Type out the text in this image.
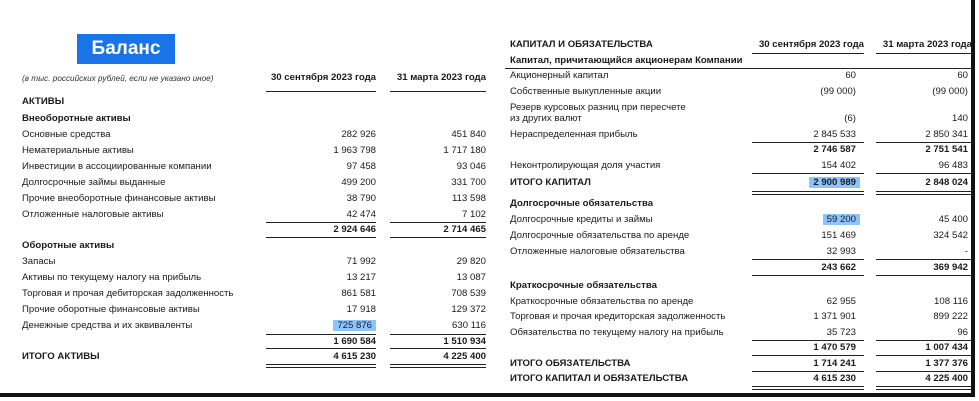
Баланс
(в тыс. российских рублей, если не указано иное)	30 сентября 2023 года	31 марта 2023 года
АКТИВЫ
Внеоборотные активы
Основные средства	282 926	451 840
Нематериальные активы	1 963 798	1 717 180
Инвестиции в ассоциированные компании	97 458	93 046
Долгосрочные займы выданные	499 200	331 700
Прочие внеоборотные финансовые активы	38 790	113 598
Отложенные налоговые активы	42 474	7 102
2 924 646	2 714 465
Оборотные активы
Запасы	71 992	29 820
Активы по текущему налогу на прибыль	13 217	13 087
Торговая и прочая дебиторская задолженность	861 581	708 539
Прочие оборотные финансовые активы	17 918	129 372
Денежные средства и их эквиваленты	725 876	630 116
1 690 584	1 510 934
ИТОГО АКТИВЫ	4 615 230	4 225 400
КАПИТАЛ И ОБЯЗАТЕЛЬСТВА	30 сентября 2023 года	31 марта 2023 года
Капитал, причитающийся акционерам Компании
Акционерный капитал	60	60
Собственные выкупленные акции	(99 000)	(99 000)
Резерв курсовых разниц при пересчете
из других валют	(6)	140
Нераспределенная прибыль	2 845 533	2 850 341
2 746 587	2 751 541
Неконтролирующая доля участия	154 402	96 483
ИТОГО КАПИТАЛ	2 900 989	2 848 024
Долгосрочные обязательства
Долгосрочные кредиты и займы	59 200	45 400
Долгосрочные обязательства по аренде	151 469	324 542
Отложенные налоговые обязательства	32 993	-
243 662	369 942
Краткосрочные обязательства
Краткосрочные обязательства по аренде	62 955	108 116
Торговая и прочая кредиторская задолженность	1 371 901	899 222
Обязательства по текущему налогу на прибыль	35 723	96
1 470 579	1 007 434
ИТОГО ОБЯЗАТЕЛЬСТВА	1 714 241	1 377 376
ИТОГО КАПИТАЛ И ОБЯЗАТЕЛЬСТВА	4 615 230	4 225 400
